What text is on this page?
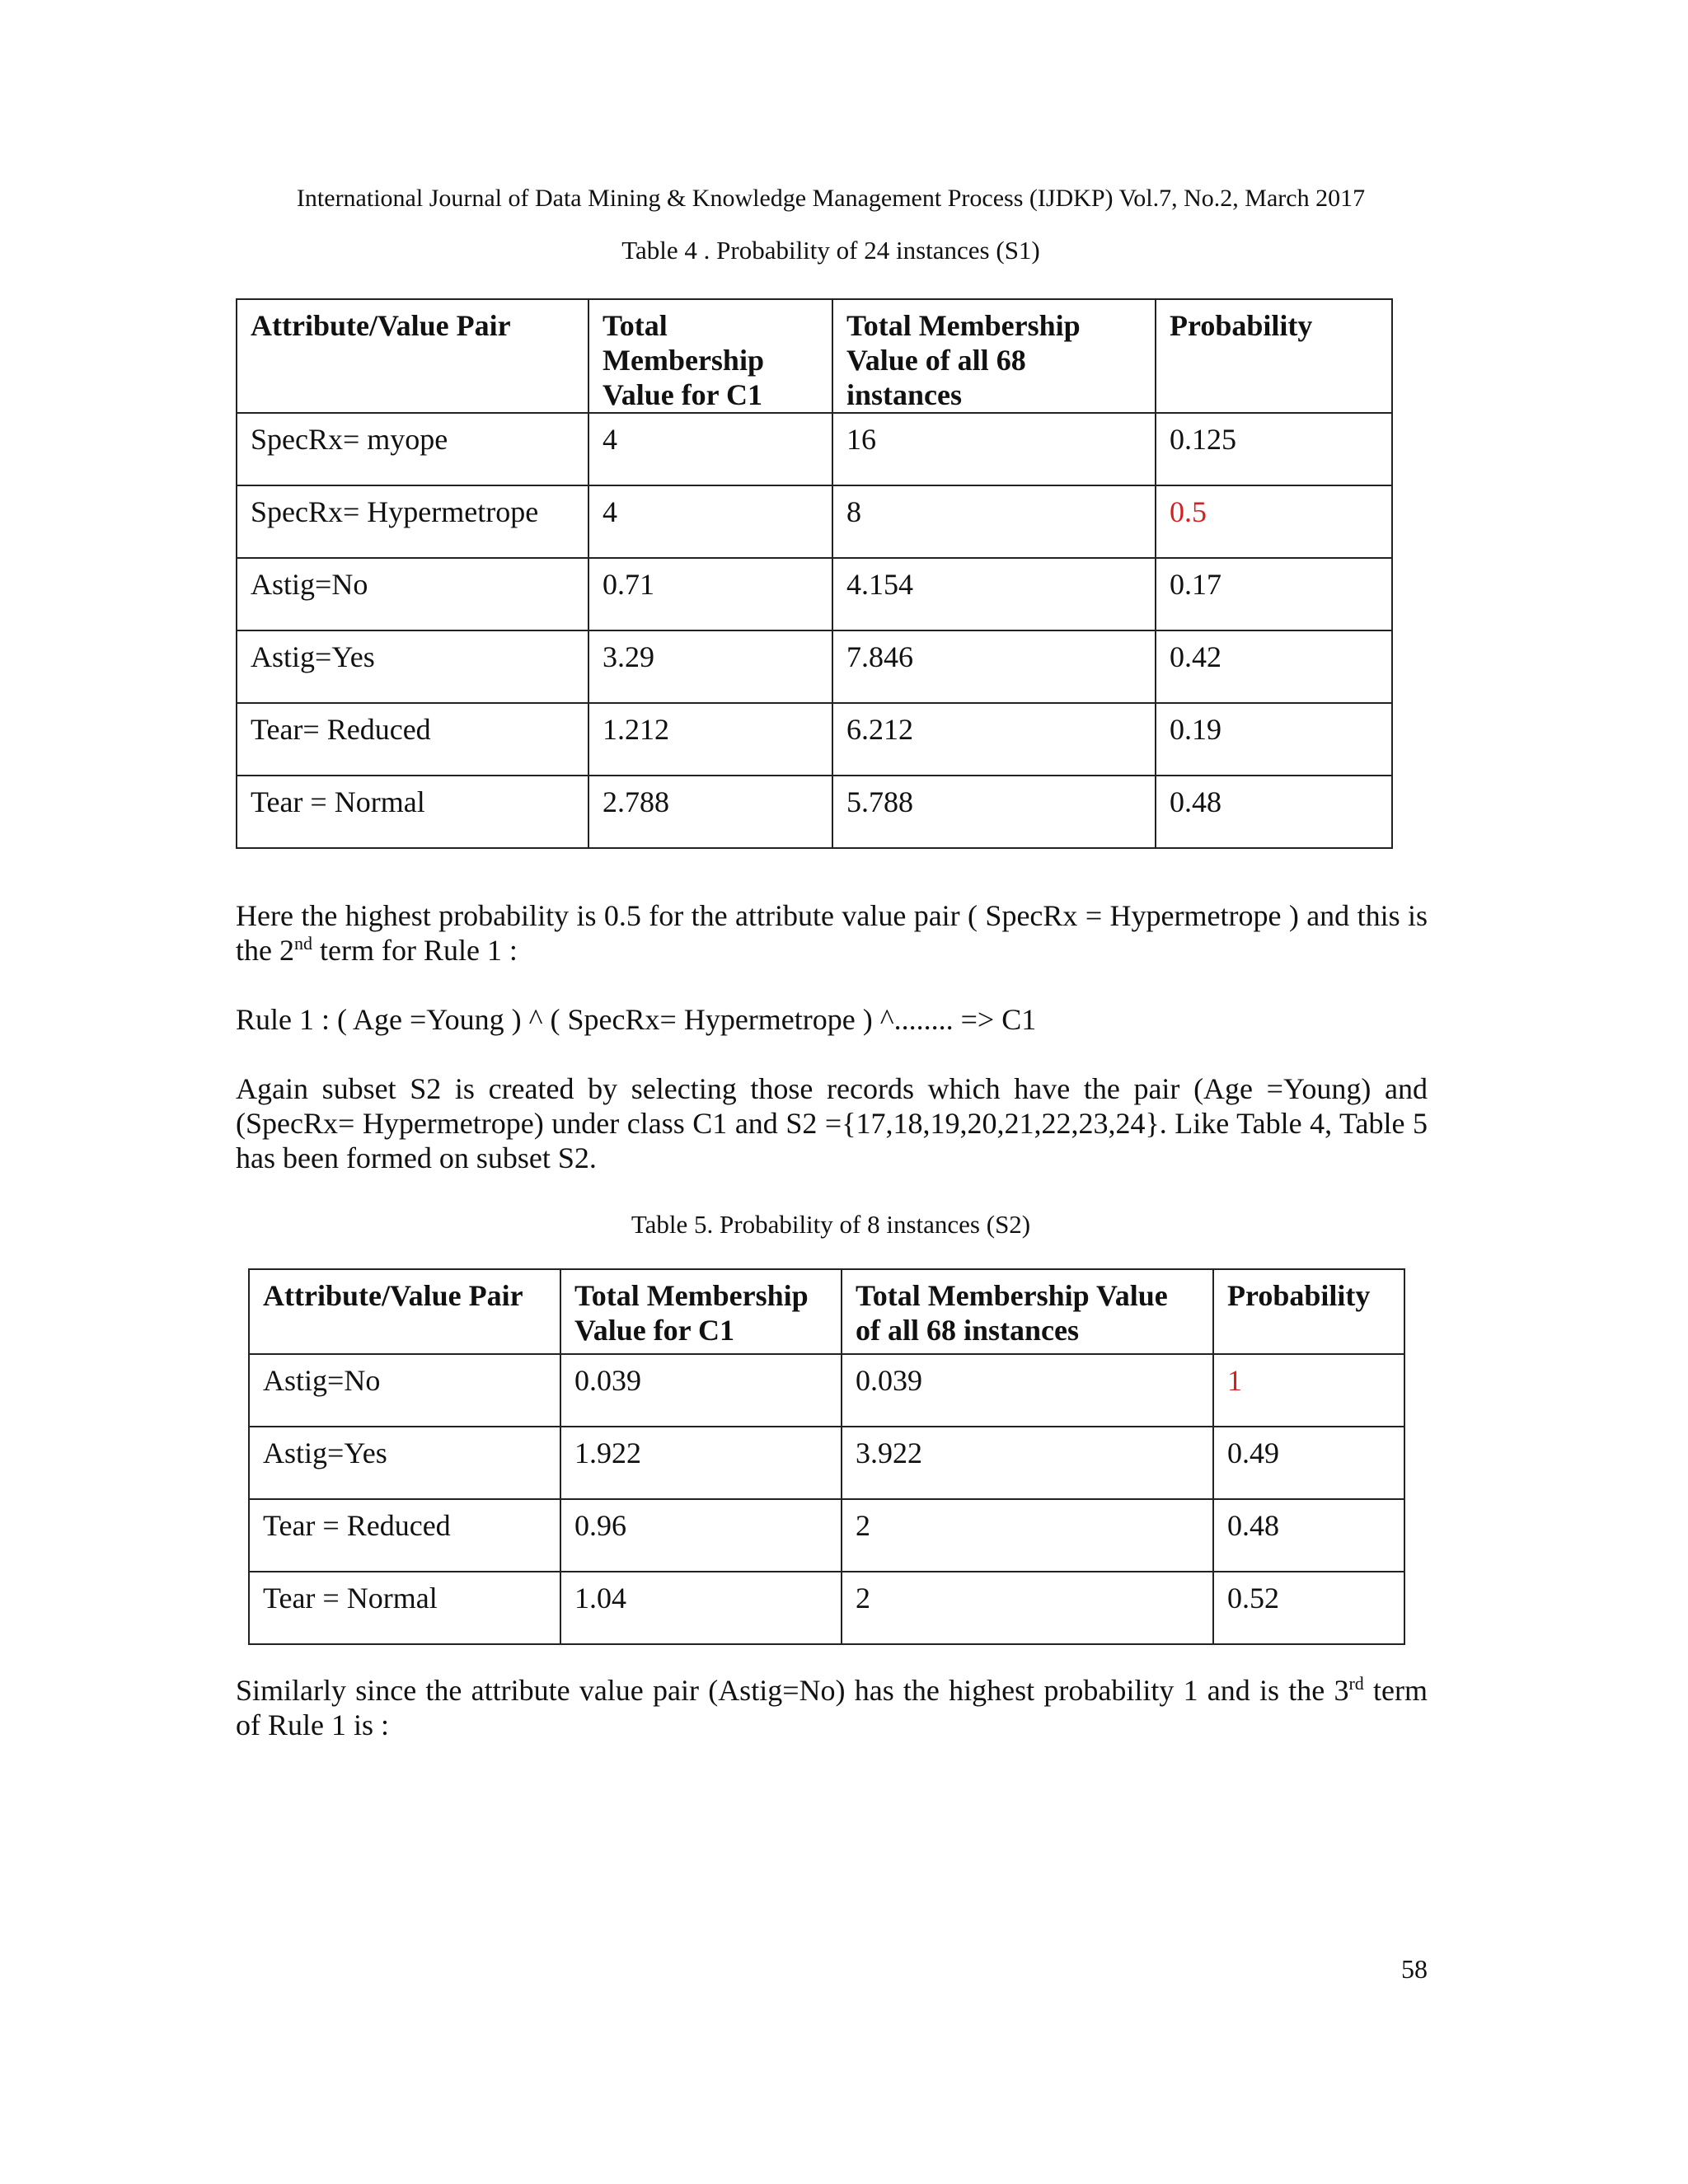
International Journal of Data Mining & Knowledge Management Process (IJDKP) Vol.7, No.2, March 2017
Table 4 . Probability of 24 instances (S1)
Attribute/Value Pair	Total Membership Value for C1	Total Membership Value of all 68 instances	Probability
SpecRx= myope	4	16	0.125
SpecRx= Hypermetrope	4	8	0.5
Astig=No	0.71	4.154	0.17
Astig=Yes	3.29	7.846	0.42
Tear= Reduced	1.212	6.212	0.19
Tear = Normal	2.788	5.788	0.48
Here the highest probability is 0.5 for the attribute value pair ( SpecRx = Hypermetrope ) and this is the 2nd term for Rule 1 :
Rule 1 : ( Age =Young ) ^ ( SpecRx= Hypermetrope ) ^........ => C1
Again subset S2 is created by selecting those records which have the pair (Age =Young) and (SpecRx= Hypermetrope) under class C1 and S2 ={17,18,19,20,21,22,23,24}. Like Table 4, Table 5 has been formed on subset S2.
Table 5. Probability of 8 instances (S2)
Attribute/Value Pair	Total Membership Value for C1	Total Membership Value of all 68 instances	Probability
Astig=No	0.039	0.039	1
Astig=Yes	1.922	3.922	0.49
Tear = Reduced	0.96	2	0.48
Tear = Normal	1.04	2	0.52
Similarly since the attribute value pair (Astig=No) has the highest probability 1 and is the 3rd term of Rule 1 is :
58
